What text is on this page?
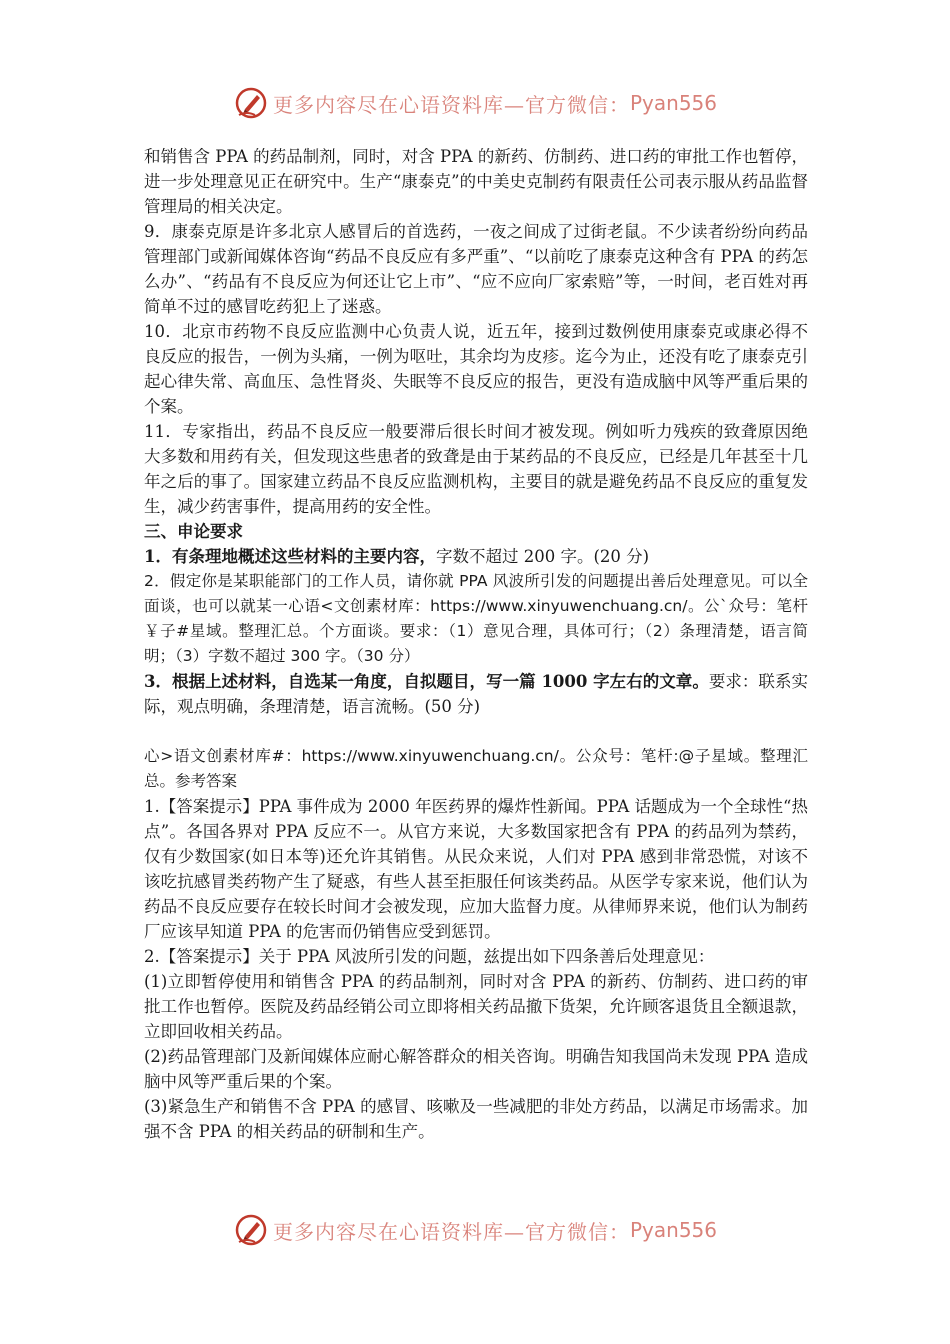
更多内容尽在心语资料库—官方微信： Pyan556

和销售含 PPA 的药品制剂，同时，对含 PPA 的新药、仿制药、进口药的审批工作也暂停，进一步处理意见正在研究中。生产“康泰克”的中美史克制药有限责任公司表示服从药品监督管理局的相关决定。

9．康泰克原是许多北京人感冒后的首选药，一夜之间成了过街老鼠。不少读者纷纷向药品管理部门或新闻媒体咨询“药品不良反应有多严重”、“以前吃了康泰克这种含有 PPA 的药怎么办”、“药品有不良反应为何还让它上市”、“应不应向厂家索赔”等，一时间，老百姓对再简单不过的感冒吃药犯上了迷惑。

10．北京市药物不良反应监测中心负责人说，近五年，接到过数例使用康泰克或康必得不良反应的报告，一例为头痛，一例为呕吐，其余均为皮疹。迄今为止，还没有吃了康泰克引起心律失常、高血压、急性肾炎、失眠等不良反应的报告，更没有造成脑中风等严重后果的个案。

11．专家指出，药品不良反应一般要滞后很长时间才被发现。例如听力残疾的致聋原因绝大多数和用药有关，但发现这些患者的致聋是由于某药品的不良反应，已经是几年甚至十几年之后的事了。国家建立药品不良反应监测机构，主要目的就是避免药品不良反应的重复发生，减少药害事件，提高用药的安全性。

三、申论要求

1．有条理地概述这些材料的主要内容，字数不超过 200 字。(20 分)

2．假定你是某职能部门的工作人员，请你就 PPA 风波所引发的问题提出善后处理意见。可以全面谈，也可以就某一心语<文创素材库：https://www.xinyuwenchuang.cn/。公`众号：笔杆￥子#星域。整理汇总。个方面谈。要求：（1）意见合理，具体可行；（2）条理清楚，语言简明；（3）字数不超过 300 字。（30 分）

3．根据上述材料，自选某一角度，自拟题目，写一篇 1000 字左右的文章。要求：联系实际，观点明确，条理清楚，语言流畅。(50 分)

心>语文创素材库#：https://www.xinyuwenchuang.cn/。公众号：笔杆:@子星域。整理汇总。参考答案

1.【答案提示】PPA 事件成为 2000 年医药界的爆炸性新闻。PPA 话题成为一个全球性“热点”。各国各界对 PPA 反应不一。从官方来说，大多数国家把含有 PPA 的药品列为禁药，仅有少数国家(如日本等)还允许其销售。从民众来说，人们对 PPA 感到非常恐慌，对该不该吃抗感冒类药物产生了疑惑，有些人甚至拒服任何该类药品。从医学专家来说，他们认为药品不良反应要存在较长时间才会被发现，应加大监督力度。从律师界来说，他们认为制药厂应该早知道 PPA 的危害而仍销售应受到惩罚。

2.【答案提示】关于 PPA 风波所引发的问题，兹提出如下四条善后处理意见：

(1)立即暂停使用和销售含 PPA 的药品制剂，同时对含 PPA 的新药、仿制药、进口药的审批工作也暂停。医院及药品经销公司立即将相关药品撤下货架，允许顾客退货且全额退款，立即回收相关药品。

(2)药品管理部门及新闻媒体应耐心解答群众的相关咨询。明确告知我国尚未发现 PPA 造成脑中风等严重后果的个案。

(3)紧急生产和销售不含 PPA 的感冒、咳嗽及一些减肥的非处方药品，以满足市场需求。加强不含 PPA 的相关药品的研制和生产。

更多内容尽在心语资料库—官方微信： Pyan556
